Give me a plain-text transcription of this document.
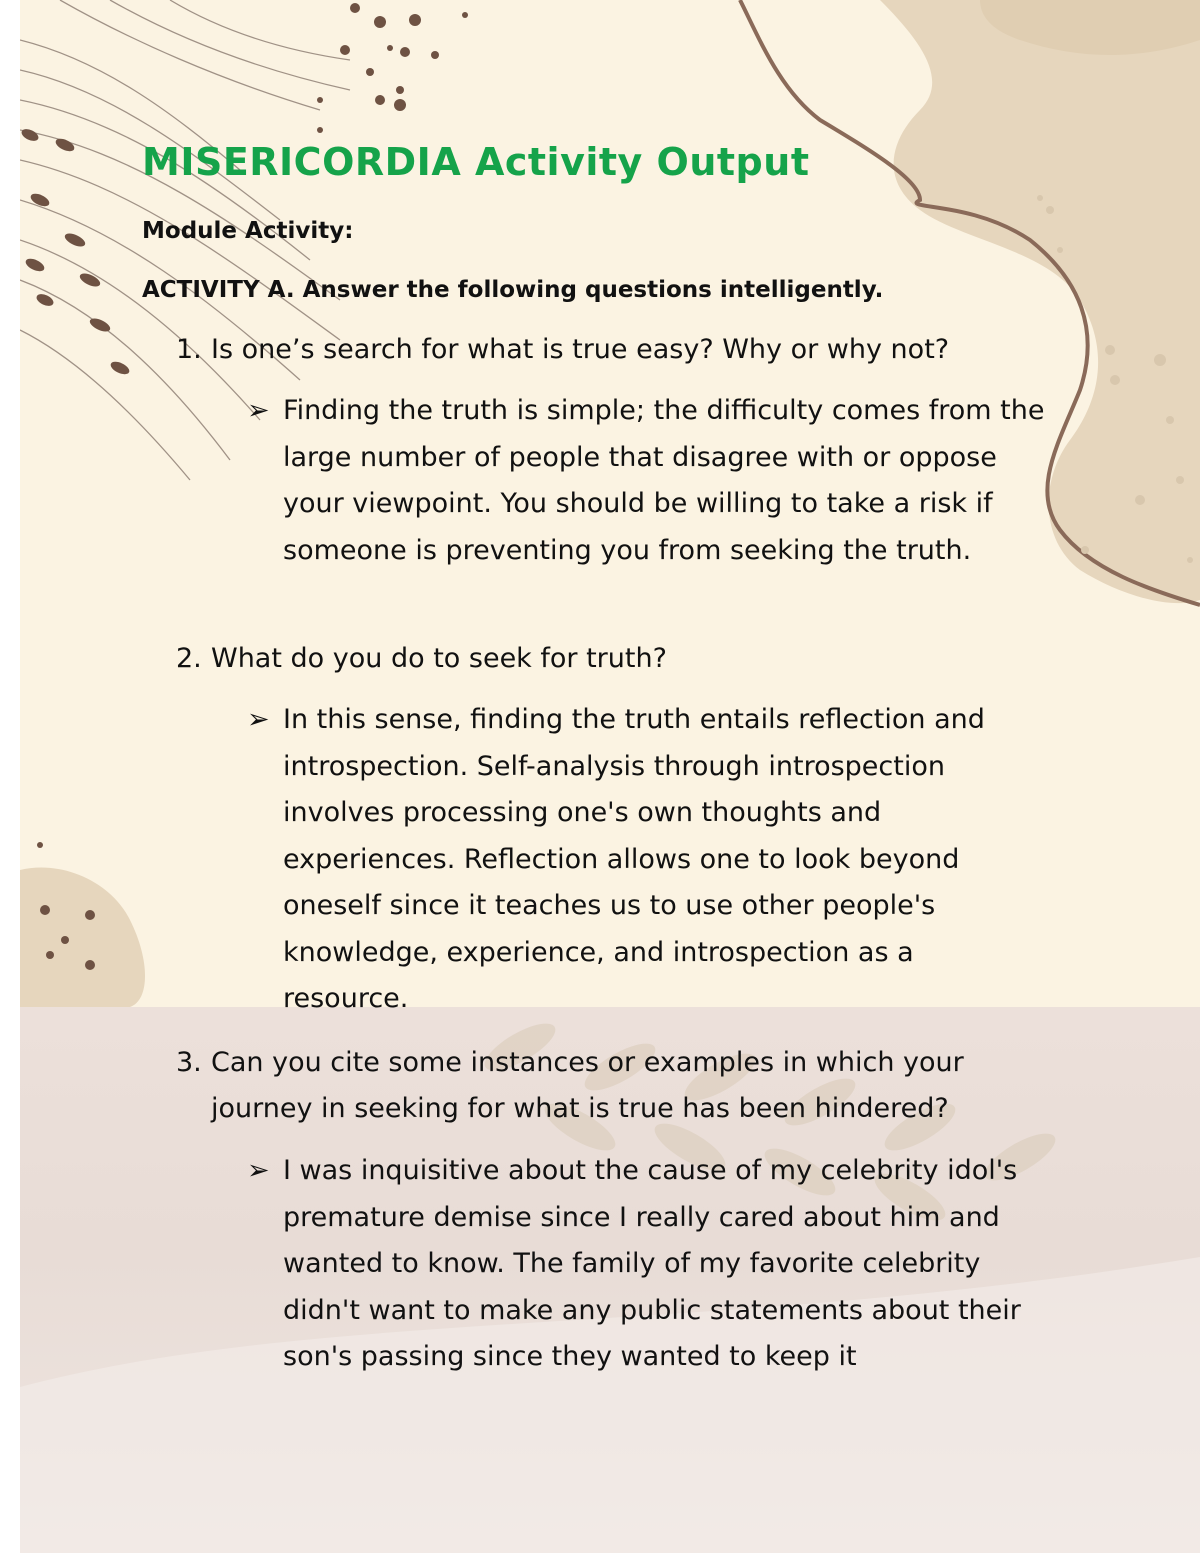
MISERICORDIA Activity Output
Module Activity:
ACTIVITY A. Answer the following questions intelligently.
1. Is one’s search for what is true easy? Why or why not?
➢ Finding the truth is simple; the difficulty comes from the large number of people that disagree with or oppose your viewpoint. You should be willing to take a risk if someone is preventing you from seeking the truth.
2. What do you do to seek for truth?
➢ In this sense, finding the truth entails reflection and introspection. Self-analysis through introspection involves processing one's own thoughts and experiences. Reflection allows one to look beyond oneself since it teaches us to use other people's knowledge, experience, and introspection as a resource.
3. Can you cite some instances or examples in which your journey in seeking for what is true has been hindered?
➢ I was inquisitive about the cause of my celebrity idol's premature demise since I really cared about him and wanted to know. The family of my favorite celebrity didn't want to make any public statements about their son's passing since they wanted to keep it
